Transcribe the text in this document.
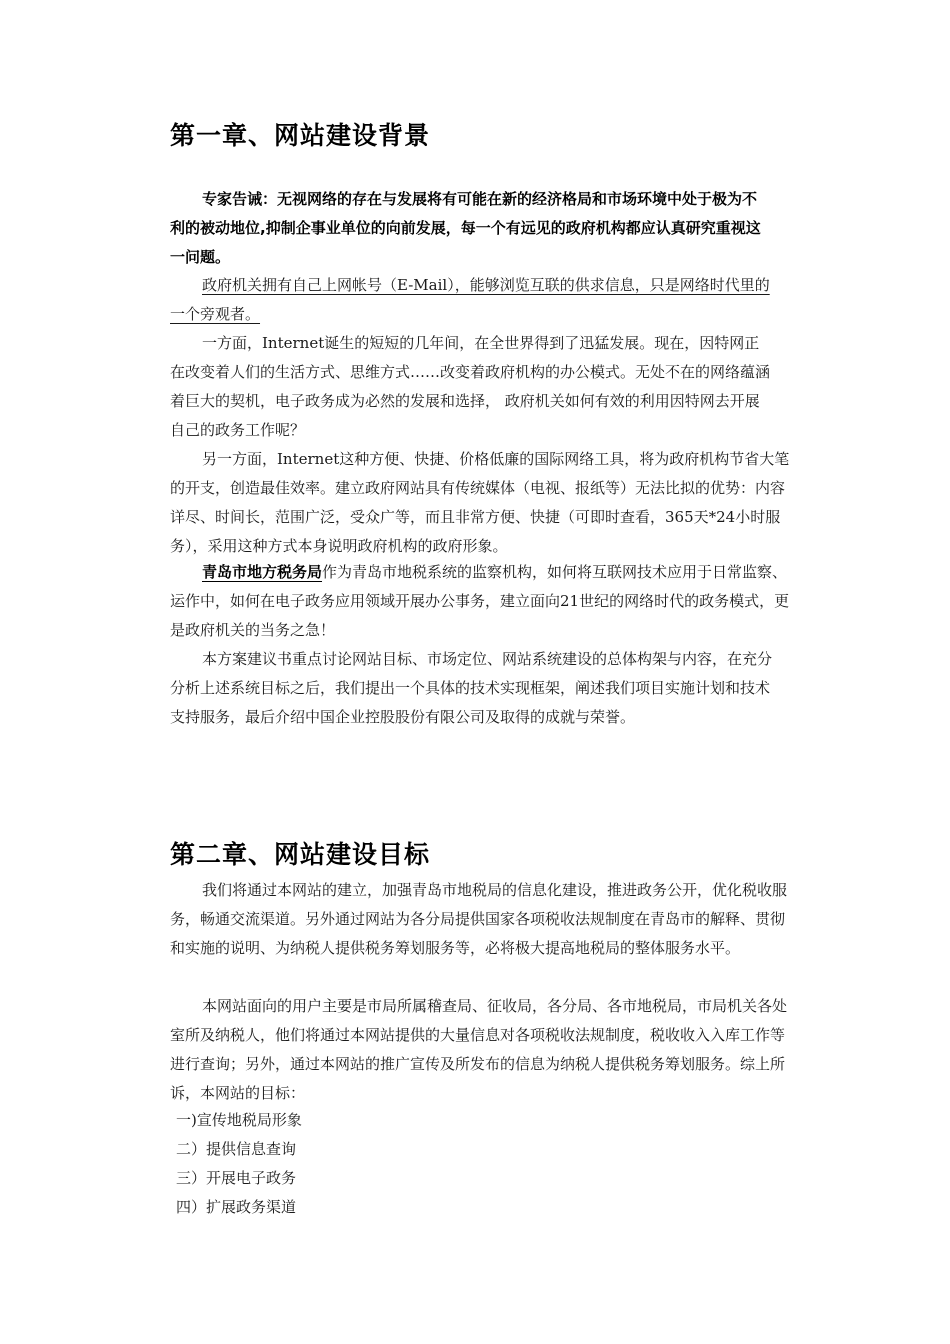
第一章、网站建设背景
专家告诫：无视网络的存在与发展将有可能在新的经济格局和市场环境中处于极为不利的被动地位,抑制企事业单位的向前发展，每一个有远见的政府机构都应认真研究重视这一问题。
政府机关拥有自己上网帐号（E-Mail），能够浏览互联的供求信息，只是网络时代里的一个旁观者。
一方面，Internet诞生的短短的几年间，在全世界得到了迅猛发展。现在，因特网正在改变着人们的生活方式、思维方式……改变着政府机构的办公模式。无处不在的网络蕴涵着巨大的契机，电子政务成为必然的发展和选择， 政府机关如何有效的利用因特网去开展自己的政务工作呢？
另一方面，Internet这种方便、快捷、价格低廉的国际网络工具，将为政府机构节省大笔的开支，创造最佳效率。建立政府网站具有传统媒体（电视、报纸等）无法比拟的优势：内容详尽、时间长，范围广泛，受众广等，而且非常方便、快捷（可即时查看，365天*24小时服务），采用这种方式本身说明政府机构的政府形象。
青岛市地方税务局作为青岛市地税系统的监察机构，如何将互联网技术应用于日常监察、运作中，如何在电子政务应用领域开展办公事务，建立面向21世纪的网络时代的政务模式，更是政府机关的当务之急！
本方案建议书重点讨论网站目标、市场定位、网站系统建设的总体构架与内容，在充分分析上述系统目标之后，我们提出一个具体的技术实现框架，阐述我们项目实施计划和技术支持服务，最后介绍中国企业控股股份有限公司及取得的成就与荣誉。
第二章、网站建设目标
我们将通过本网站的建立，加强青岛市地税局的信息化建设，推进政务公开，优化税收服务，畅通交流渠道。另外通过网站为各分局提供国家各项税收法规制度在青岛市的解释、贯彻和实施的说明、为纳税人提供税务筹划服务等，必将极大提高地税局的整体服务水平。
本网站面向的用户主要是市局所属稽查局、征收局，各分局、各市地税局，市局机关各处室所及纳税人，他们将通过本网站提供的大量信息对各项税收法规制度，税收收入入库工作等进行查询；另外，通过本网站的推广宣传及所发布的信息为纳税人提供税务筹划服务。综上所诉，本网站的目标：
一)宣传地税局形象
二）提供信息查询
三）开展电子政务
四）扩展政务渠道
